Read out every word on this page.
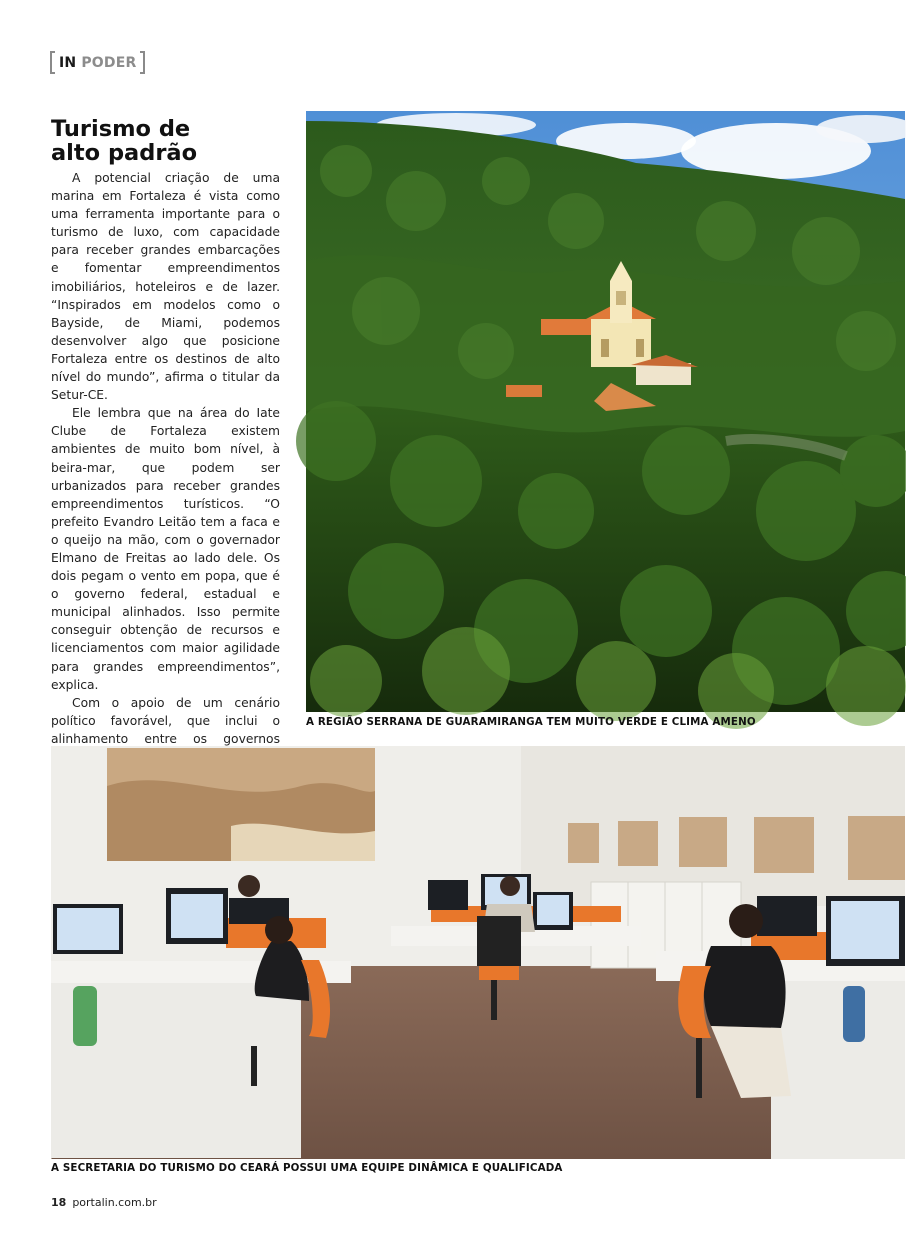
IN PODER
Turismo de
alto padrão

A potencial criação de uma marina em Fortaleza é vista como uma ferramenta importante para o turismo de luxo, com capacidade para receber grandes embarcações e fomentar empreendimentos imobiliários, hoteleiros e de lazer. “Inspirados em modelos como o Bayside, de Miami, podemos desenvolver algo que posicione Fortaleza entre os destinos de alto nível do mundo”, afirma o titular da Setur-CE.

Ele lembra que na área do Iate Clube de Fortaleza existem ambientes de muito bom nível, à beira-mar, que podem ser urbanizados para receber grandes empreendimentos turísticos. “O prefeito Evandro Leitão tem a faca e o queijo na mão, com o governador Elmano de Freitas ao lado dele. Os dois pegam o vento em popa, que é o governo federal, estadual e municipal alinhados. Isso permite conseguir obtenção de recursos e licenciamentos com maior agilidade para grandes empreendimentos”, explica.

Com o apoio de um cenário político favorável, que inclui o alinhamento entre os governos

A REGIÃO SERRANA DE GUARAMIRANGA TEM MUITO VERDE E CLIMA AMENO
A SECRETARIA DO TURISMO DO CEARÁ POSSUI UMA EQUIPE DINÂMICA E QUALIFICADA
18 portalin.com.br
